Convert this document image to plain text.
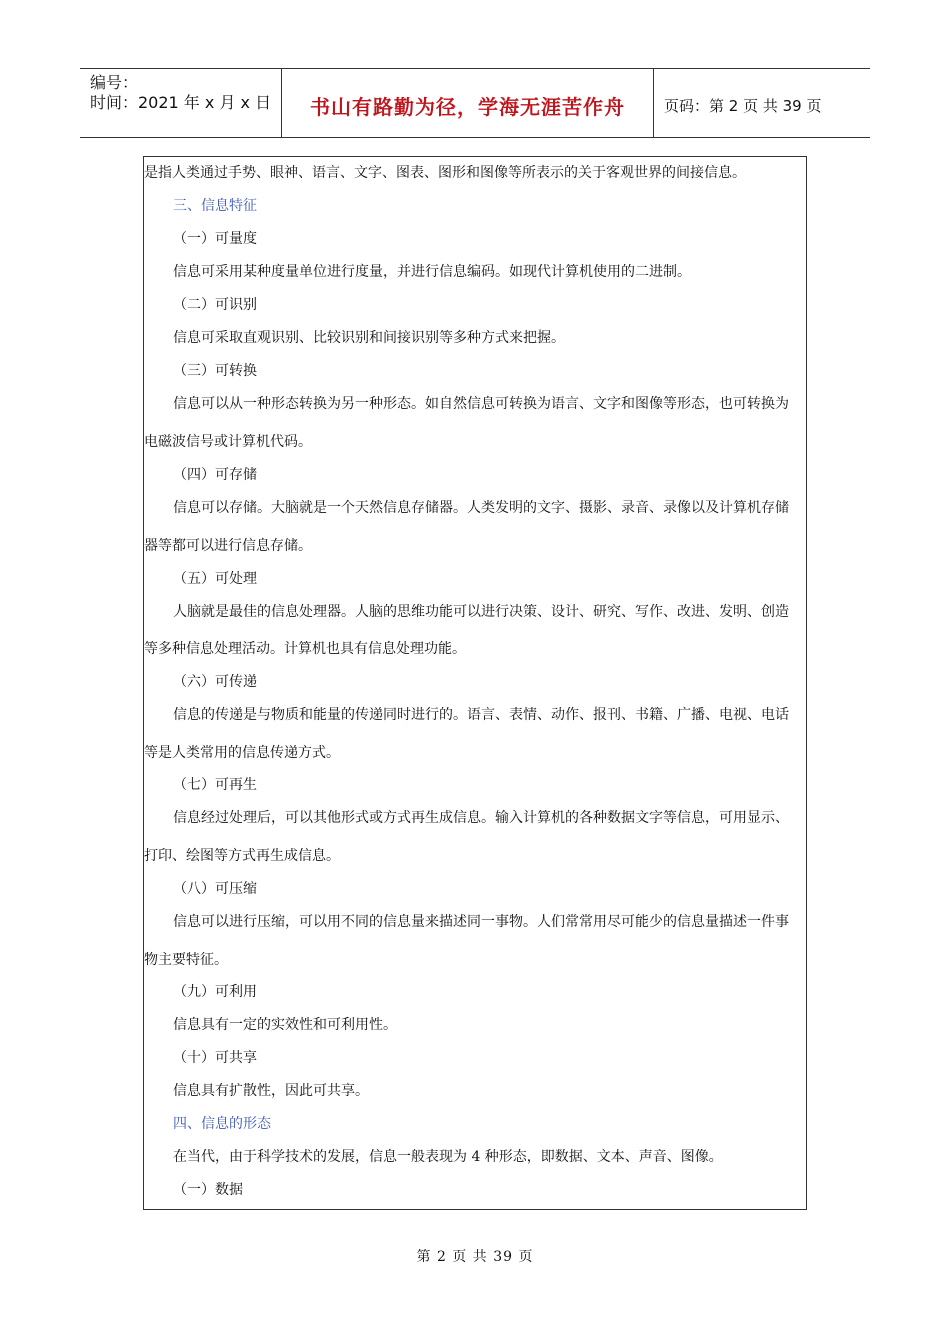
编号：
时间：2021 年 x 月 x 日	书山有路勤为径，学海无涯苦作舟	页码：第 2 页 共 39 页
是指人类通过手势、眼神、语言、文字、图表、图形和图像等所表示的关于客观世界的间接信息。
三、信息特征
（一）可量度
信息可采用某种度量单位进行度量，并进行信息编码。如现代计算机使用的二进制。
（二）可识别
信息可采取直观识别、比较识别和间接识别等多种方式来把握。
（三）可转换
信息可以从一种形态转换为另一种形态。如自然信息可转换为语言、文字和图像等形态，也可转换为
电磁波信号或计算机代码。
（四）可存储
信息可以存储。大脑就是一个天然信息存储器。人类发明的文字、摄影、录音、录像以及计算机存储
器等都可以进行信息存储。
（五）可处理
人脑就是最佳的信息处理器。人脑的思维功能可以进行决策、设计、研究、写作、改进、发明、创造
等多种信息处理活动。计算机也具有信息处理功能。
（六）可传递
信息的传递是与物质和能量的传递同时进行的。语言、表情、动作、报刊、书籍、广播、电视、电话
等是人类常用的信息传递方式。
（七）可再生
信息经过处理后，可以其他形式或方式再生成信息。输入计算机的各种数据文字等信息，可用显示、
打印、绘图等方式再生成信息。
（八）可压缩
信息可以进行压缩，可以用不同的信息量来描述同一事物。人们常常用尽可能少的信息量描述一件事
物主要特征。
（九）可利用
信息具有一定的实效性和可利用性。
（十）可共享
信息具有扩散性，因此可共享。
四、信息的形态
在当代，由于科学技术的发展，信息一般表现为 4 种形态，即数据、文本、声音、图像。
（一）数据
第 2 页 共 39 页
